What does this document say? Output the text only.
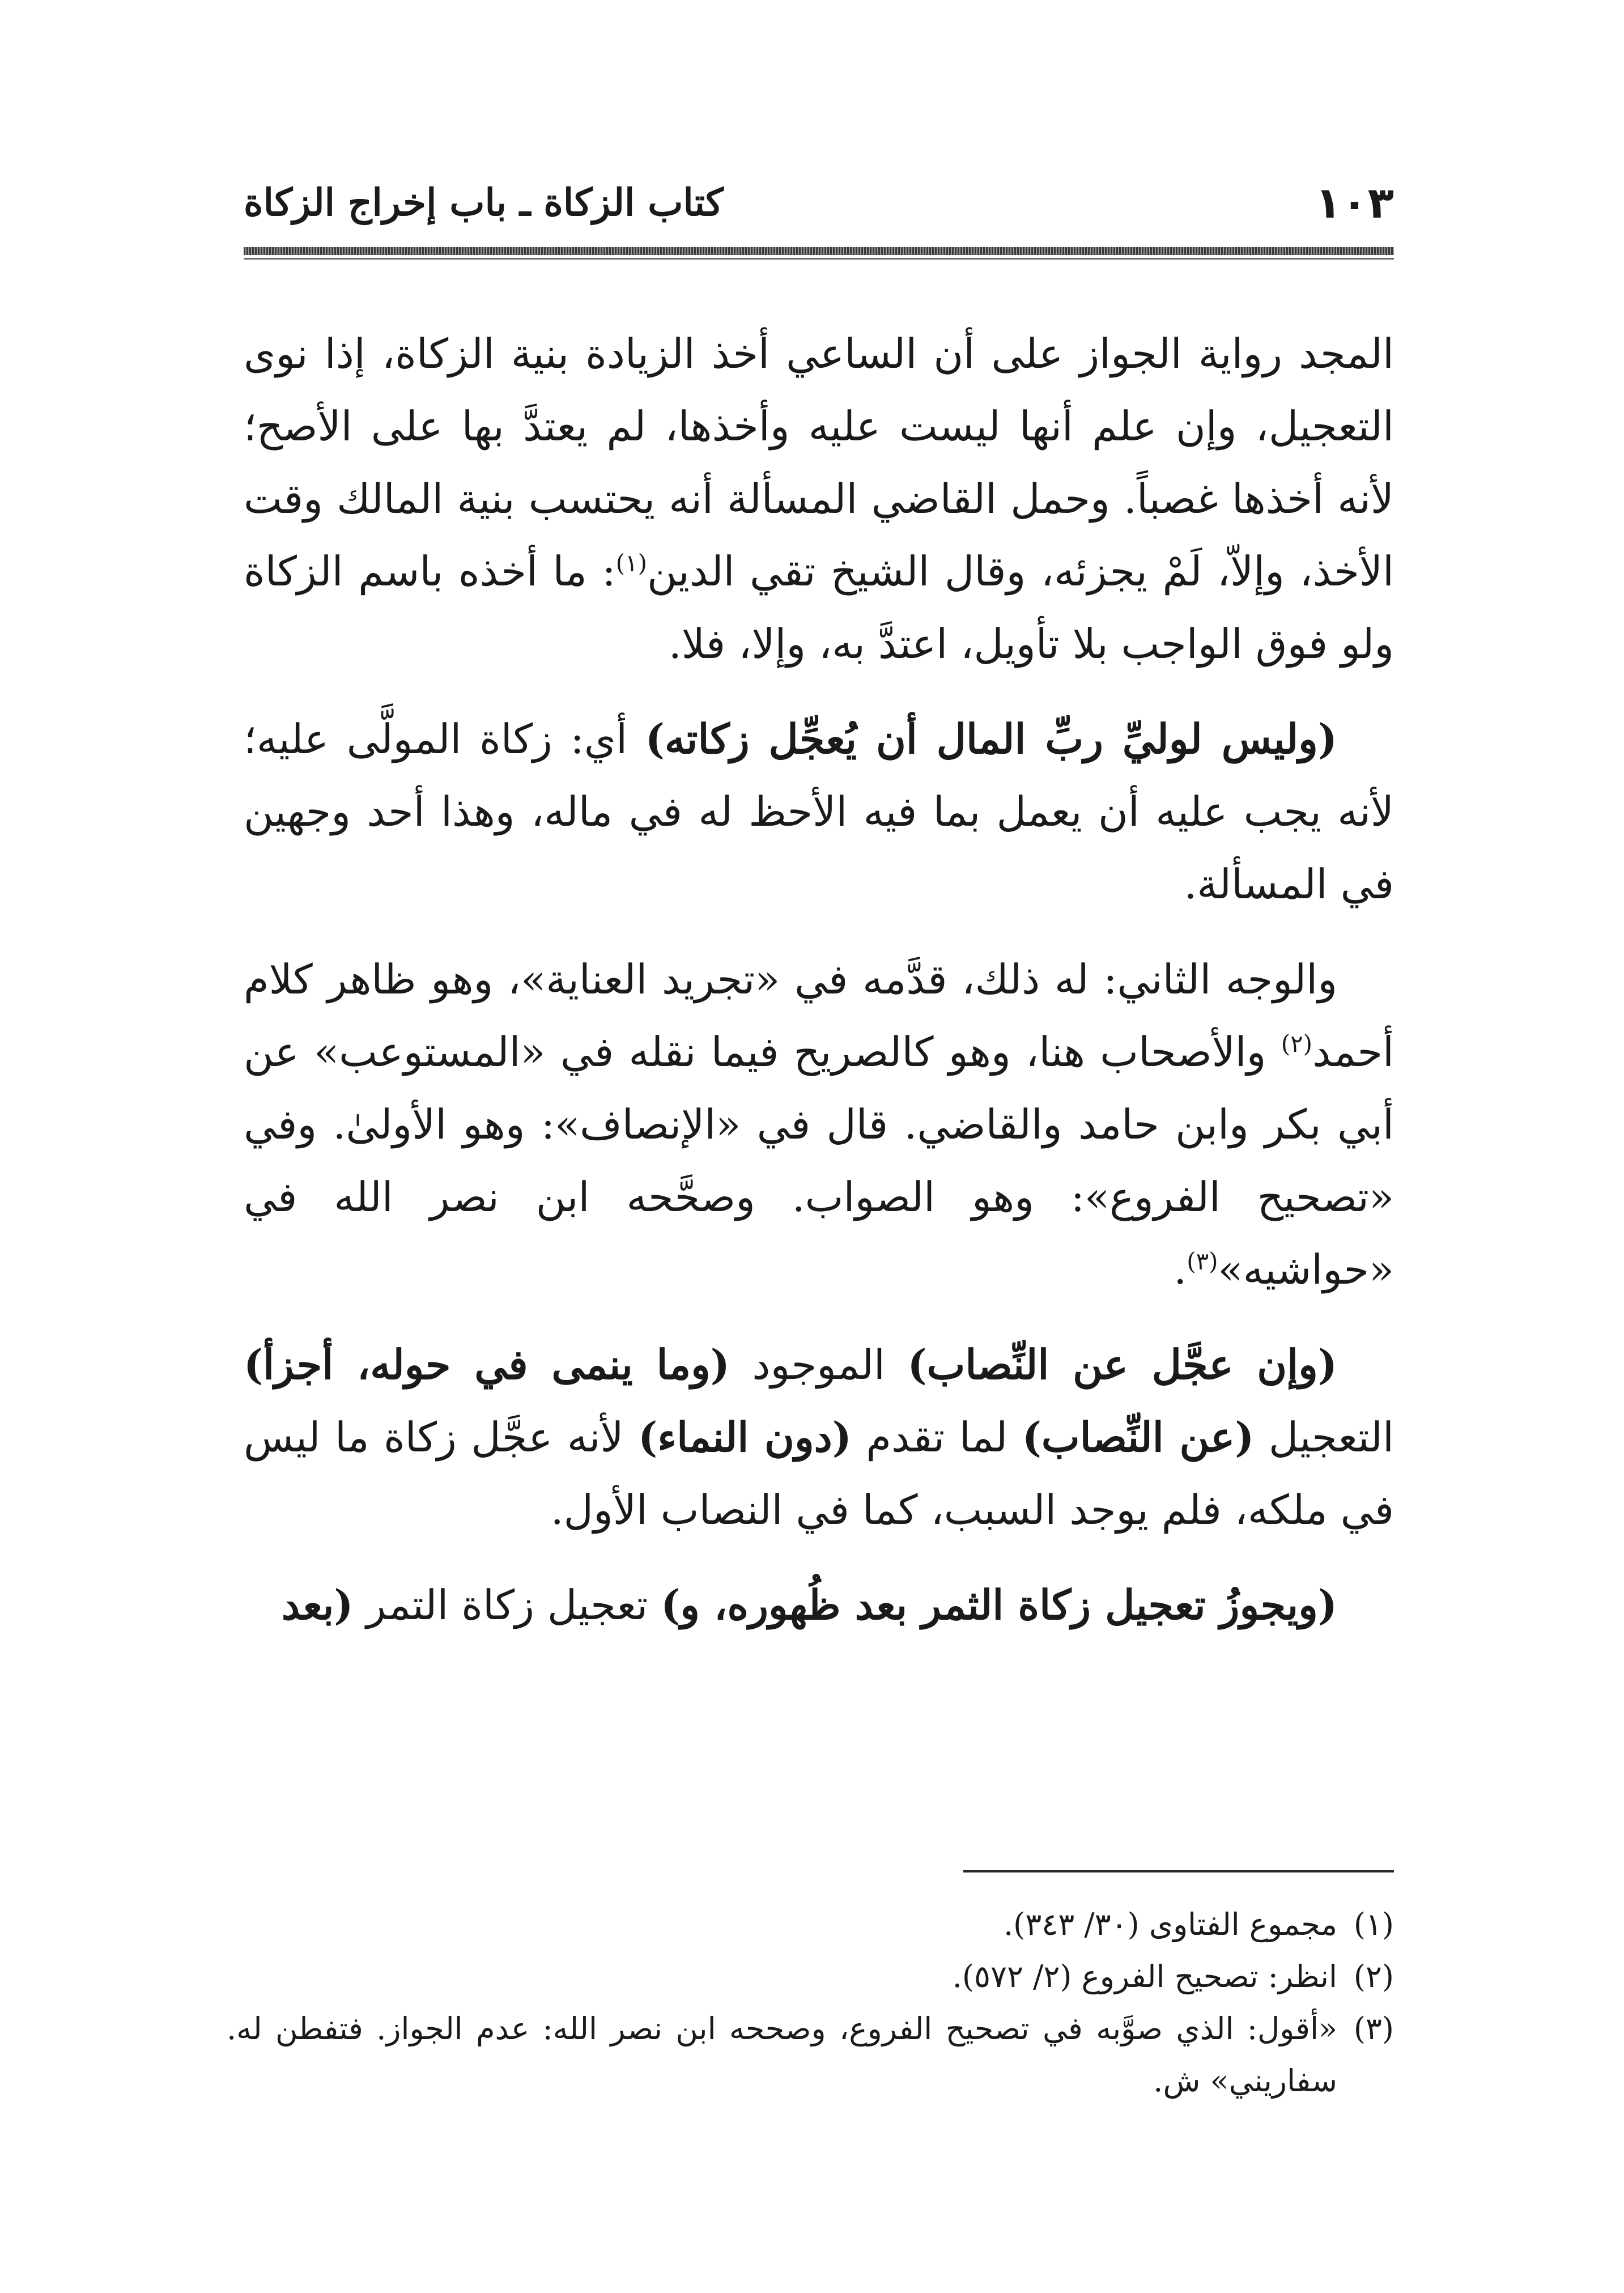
١٠٣
كتاب الزكاة ـ باب إخراج الزكاة

المجد رواية الجواز على أن الساعي أخذ الزيادة بنية الزكاة، إذا نوى التعجيل، وإن علم أنها ليست عليه وأخذها، لم يعتدَّ بها على الأصح؛ لأنه أخذها غصباً. وحمل القاضي المسألة أنه يحتسب بنية المالك وقت الأخذ، وإلاّ، لَمْ يجزئه، وقال الشيخ تقي الدين$^{(١)}$: ما أخذه باسم الزكاة ولو فوق الواجب بلا تأويل، اعتدَّ به، وإلا، فلا.

(وليس لوليِّ ربِّ المال أن يُعجِّل زكاته) أي: زكاة المولَّى عليه؛ لأنه يجب عليه أن يعمل بما فيه الأحظ له في ماله، وهذا أحد وجهين في المسألة.

والوجه الثاني: له ذلك، قدَّمه في «تجريد العناية»، وهو ظاهر كلام أحمد$^{(٢)}$ والأصحاب هنا، وهو كالصريح فيما نقله في «المستوعب» عن أبي بكر وابن حامد والقاضي. قال في «الإنصاف»: وهو الأولىٰ. وفي «تصحيح الفروع»: وهو الصواب. وصحَّحه ابن نصر الله في «حواشيه»$^{(٣)}$.

(وإن عجَّل عن النِّصاب) الموجود (وما ينمى في حوله، أجزأ) التعجيل (عن النِّصاب) لما تقدم (دون النماء) لأنه عجَّل زكاة ما ليس في ملكه، فلم يوجد السبب، كما في النصاب الأول.

(ويجوزُ تعجيل زكاة الثمر بعد ظُهوره، و) تعجيل زكاة التمر (بعد

(١)
مجموع الفتاوى (٣٠/ ٣٤٣).

(٢)
انظر: تصحيح الفروع (٢/ ٥٧٢).

(٣)
«أقول: الذي صوَّبه في تصحيح الفروع، وصححه ابن نصر الله: عدم الجواز. فتفطن له. سفاريني» ش.
